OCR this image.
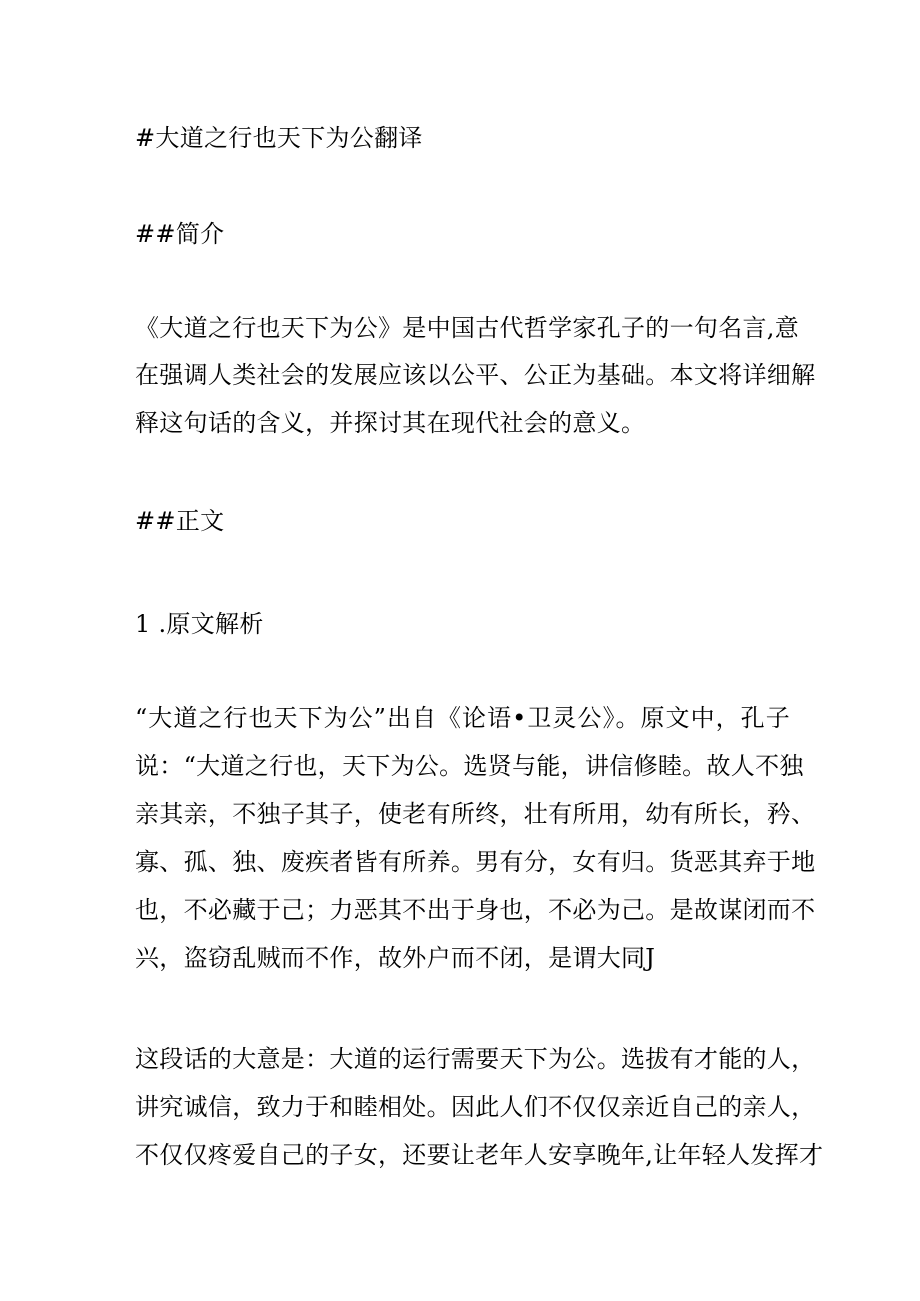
#大道之行也天下为公翻译
##简介
《大道之行也天下为公》是中国古代哲学家孔子的一句名言,意
在强调人类社会的发展应该以公平、公正为基础。本文将详细解
释这句话的含义，并探讨其在现代社会的意义。
##正文
1 .原文解析
“大道之行也天下为公”出自《论语•卫灵公》。原文中，孔子
说：“大道之行也，天下为公。选贤与能，讲信修睦。故人不独
亲其亲，不独子其子，使老有所终，壮有所用，幼有所长，矜、
寡、孤、独、废疾者皆有所养。男有分，女有归。货恶其弃于地
也，不必藏于己；力恶其不出于身也，不必为己。是故谋闭而不
兴，盗窃乱贼而不作，故外户而不闭，是谓大同J
这段话的大意是：大道的运行需要天下为公。选拔有才能的人，
讲究诚信，致力于和睦相处。因此人们不仅仅亲近自己的亲人，
不仅仅疼爱自己的子女，还要让老年人安享晚年,让年轻人发挥才
